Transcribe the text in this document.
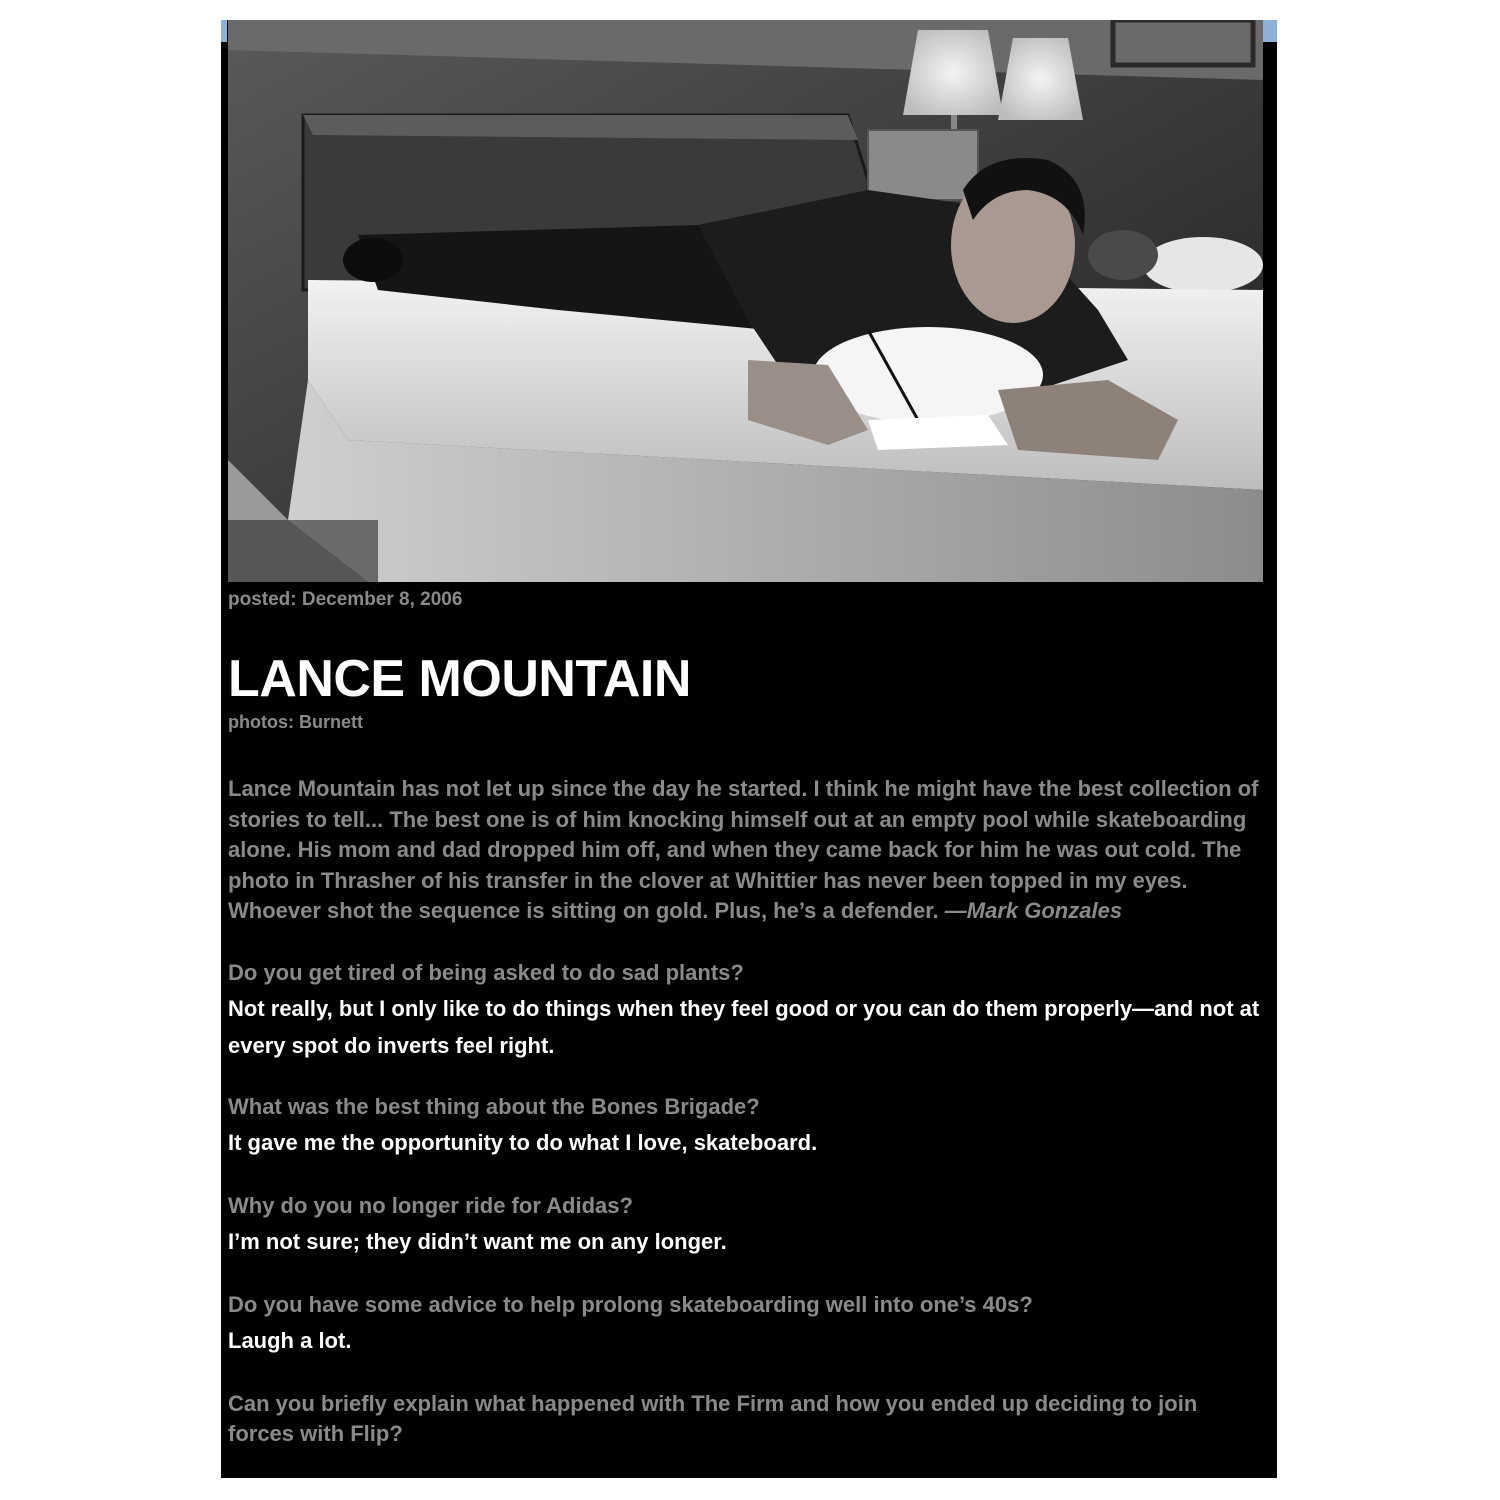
posted: December 8, 2006

LANCE MOUNTAIN

photos: Burnett

Lance Mountain has not let up since the day he started. I think he might have the best collection of stories to tell... The best one is of him knocking himself out at an empty pool while skateboarding alone. His mom and dad dropped him off, and when they came back for him he was out cold. The photo in Thrasher of his transfer in the clover at Whittier has never been topped in my eyes. Whoever shot the sequence is sitting on gold. Plus, he’s a defender. —Mark Gonzales

Do you get tired of being asked to do sad plants?

Not really, but I only like to do things when they feel good or you can do them properly—and not at every spot do inverts feel right.

What was the best thing about the Bones Brigade?

It gave me the opportunity to do what I love, skateboard.

Why do you no longer ride for Adidas?

I’m not sure; they didn’t want me on any longer.

Do you have some advice to help prolong skateboarding well into one’s 40s?

Laugh a lot.

Can you briefly explain what happened with The Firm and how you ended up deciding to join forces with Flip?
